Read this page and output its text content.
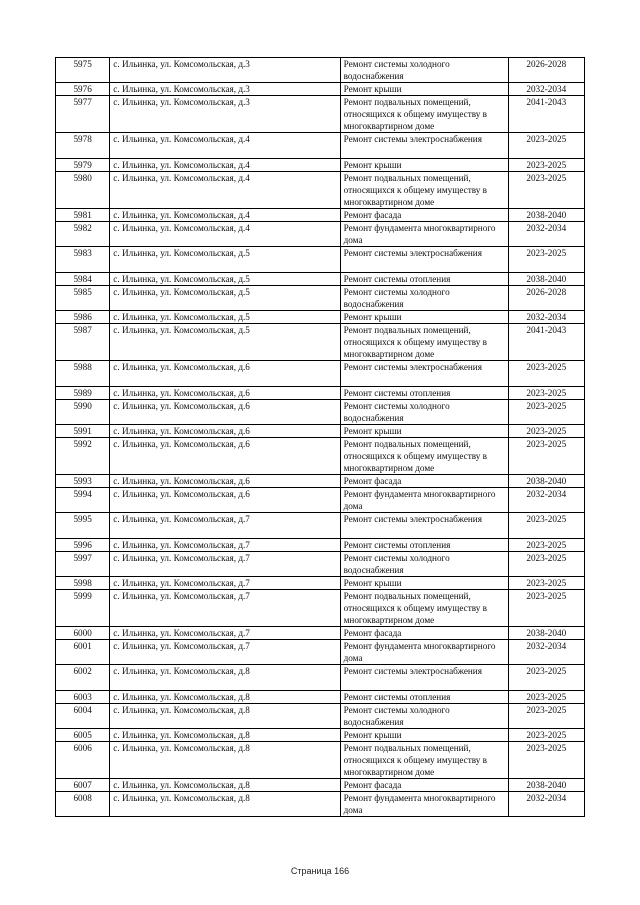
5975	с. Ильинка, ул. Комсомольская, д.3	Ремонт системы холодного водоснабжения	2026-2028
5976	с. Ильинка, ул. Комсомольская, д.3	Ремонт крыши	2032-2034
5977	с. Ильинка, ул. Комсомольская, д.3	Ремонт подвальных помещений, относящихся к общему имуществу в многоквартирном доме	2041-2043
5978	с. Ильинка, ул. Комсомольская, д.4	Ремонт системы электроснабжения	2023-2025
5979	с. Ильинка, ул. Комсомольская, д.4	Ремонт крыши	2023-2025
5980	с. Ильинка, ул. Комсомольская, д.4	Ремонт подвальных помещений, относящихся к общему имуществу в многоквартирном доме	2023-2025
5981	с. Ильинка, ул. Комсомольская, д.4	Ремонт фасада	2038-2040
5982	с. Ильинка, ул. Комсомольская, д.4	Ремонт фундамента многоквартирного дома	2032-2034
5983	с. Ильинка, ул. Комсомольская, д.5	Ремонт системы электроснабжения	2023-2025
5984	с. Ильинка, ул. Комсомольская, д.5	Ремонт системы отопления	2038-2040
5985	с. Ильинка, ул. Комсомольская, д.5	Ремонт системы холодного водоснабжения	2026-2028
5986	с. Ильинка, ул. Комсомольская, д.5	Ремонт крыши	2032-2034
5987	с. Ильинка, ул. Комсомольская, д.5	Ремонт подвальных помещений, относящихся к общему имуществу в многоквартирном доме	2041-2043
5988	с. Ильинка, ул. Комсомольская, д.6	Ремонт системы электроснабжения	2023-2025
5989	с. Ильинка, ул. Комсомольская, д.6	Ремонт системы отопления	2023-2025
5990	с. Ильинка, ул. Комсомольская, д.6	Ремонт системы холодного водоснабжения	2023-2025
5991	с. Ильинка, ул. Комсомольская, д.6	Ремонт крыши	2023-2025
5992	с. Ильинка, ул. Комсомольская, д.6	Ремонт подвальных помещений, относящихся к общему имуществу в многоквартирном доме	2023-2025
5993	с. Ильинка, ул. Комсомольская, д.6	Ремонт фасада	2038-2040
5994	с. Ильинка, ул. Комсомольская, д.6	Ремонт фундамента многоквартирного дома	2032-2034
5995	с. Ильинка, ул. Комсомольская, д.7	Ремонт системы электроснабжения	2023-2025
5996	с. Ильинка, ул. Комсомольская, д.7	Ремонт системы отопления	2023-2025
5997	с. Ильинка, ул. Комсомольская, д.7	Ремонт системы холодного водоснабжения	2023-2025
5998	с. Ильинка, ул. Комсомольская, д.7	Ремонт крыши	2023-2025
5999	с. Ильинка, ул. Комсомольская, д.7	Ремонт подвальных помещений, относящихся к общему имуществу в многоквартирном доме	2023-2025
6000	с. Ильинка, ул. Комсомольская, д.7	Ремонт фасада	2038-2040
6001	с. Ильинка, ул. Комсомольская, д.7	Ремонт фундамента многоквартирного дома	2032-2034
6002	с. Ильинка, ул. Комсомольская, д.8	Ремонт системы электроснабжения	2023-2025
6003	с. Ильинка, ул. Комсомольская, д.8	Ремонт системы отопления	2023-2025
6004	с. Ильинка, ул. Комсомольская, д.8	Ремонт системы холодного водоснабжения	2023-2025
6005	с. Ильинка, ул. Комсомольская, д.8	Ремонт крыши	2023-2025
6006	с. Ильинка, ул. Комсомольская, д.8	Ремонт подвальных помещений, относящихся к общему имуществу в многоквартирном доме	2023-2025
6007	с. Ильинка, ул. Комсомольская, д.8	Ремонт фасада	2038-2040
6008	с. Ильинка, ул. Комсомольская, д.8	Ремонт фундамента многоквартирного дома	2032-2034
Страница 166
